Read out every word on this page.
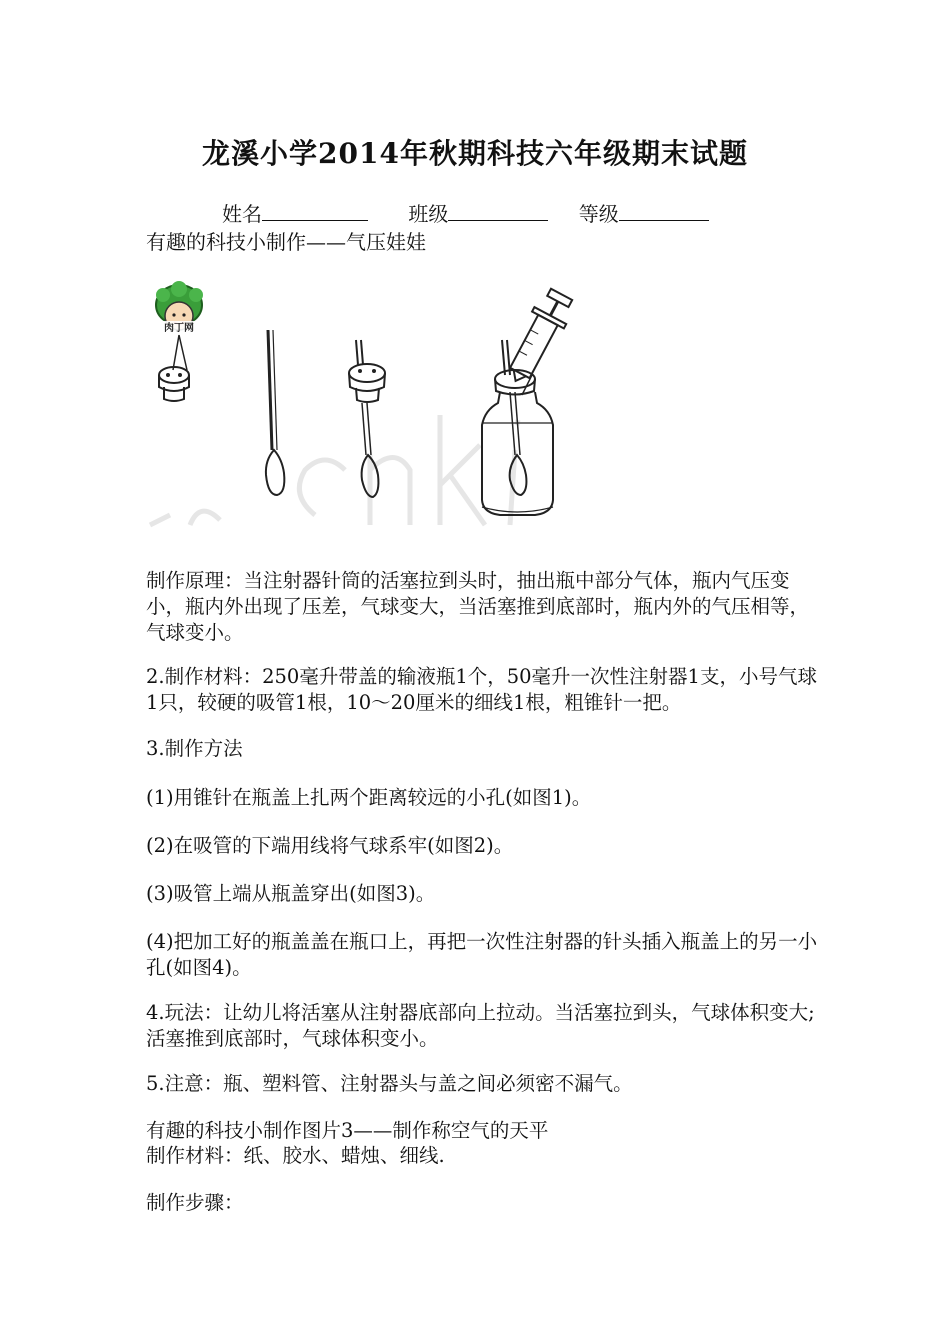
龙溪小学2014年秋期科技六年级期末试题
姓名	班级	等级
有趣的科技小制作——气压娃娃
肉丁网
制作原理：当注射器针筒的活塞拉到头时，抽出瓶中部分气体，瓶内气压变小，瓶内外出现了压差，气球变大，当活塞推到底部时，瓶内外的气压相等，气球变小。
2.制作材料：250毫升带盖的输液瓶1个，50毫升一次性注射器1支，小号气球1只，较硬的吸管1根，10～20厘米的细线1根，粗锥针一把。
3.制作方法
(1)用锥针在瓶盖上扎两个距离较远的小孔(如图1)。
(2)在吸管的下端用线将气球系牢(如图2)。
(3)吸管上端从瓶盖穿出(如图3)。
(4)把加工好的瓶盖盖在瓶口上，再把一次性注射器的针头插入瓶盖上的另一小孔(如图4)。
4.玩法：让幼儿将活塞从注射器底部向上拉动。当活塞拉到头，气球体积变大;活塞推到底部时，气球体积变小。
5.注意：瓶、塑料管、注射器头与盖之间必须密不漏气。
有趣的科技小制作图片3——制作称空气的天平
制作材料：纸、胶水、蜡烛、细线.
制作步骤：
